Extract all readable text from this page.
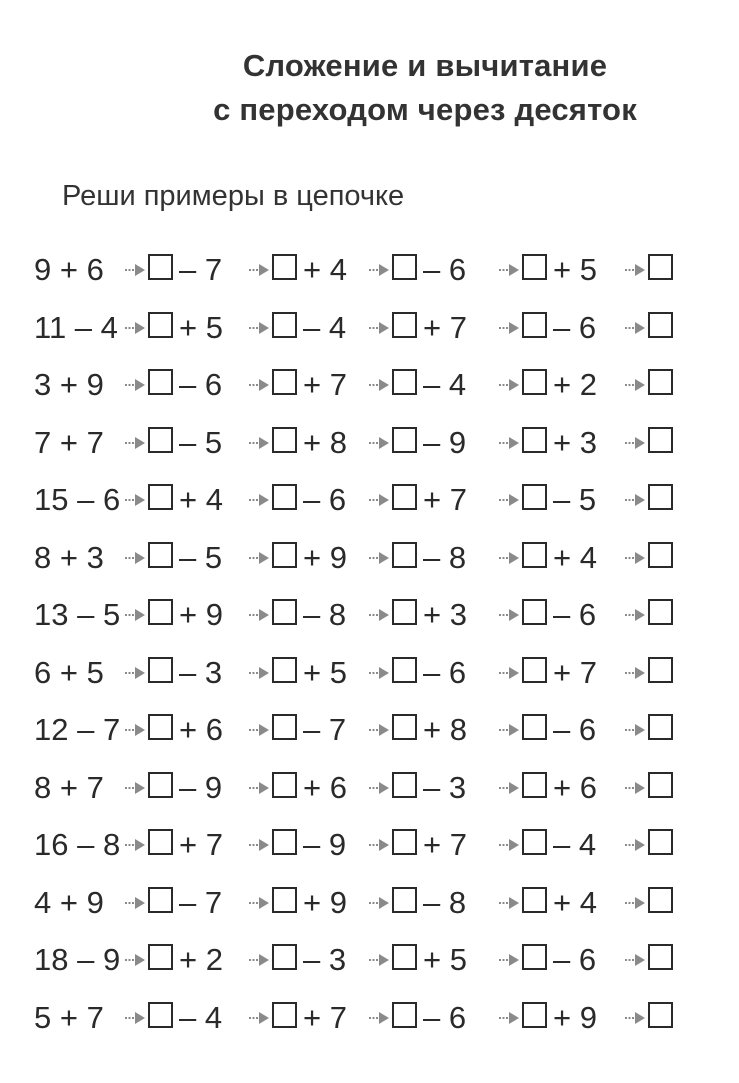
Сложение и вычитание
с переходом через десяток
Реши примеры в цепочке
9 + 6 – 7	+ 4 – 6	+ 5
11 – 4 + 5	– 4 + 7	– 6
3 + 9 – 6	+ 7 – 4	+ 2
7 + 7 – 5	+ 8 – 9	+ 3
15 – 6 + 4	– 6 + 7	– 5
8 + 3 – 5	+ 9 – 8	+ 4
13 – 5 + 9	– 8 + 3	– 6
6 + 5 – 3	+ 5 – 6	+ 7
12 – 7 + 6	– 7 + 8	– 6
8 + 7 – 9	+ 6 – 3	+ 6
16 – 8 + 7	– 9 + 7	– 4
4 + 9 – 7	+ 9 – 8	+ 4
18 – 9 + 2	– 3 + 5	– 6
5 + 7 – 4	+ 7 – 6	+ 9
